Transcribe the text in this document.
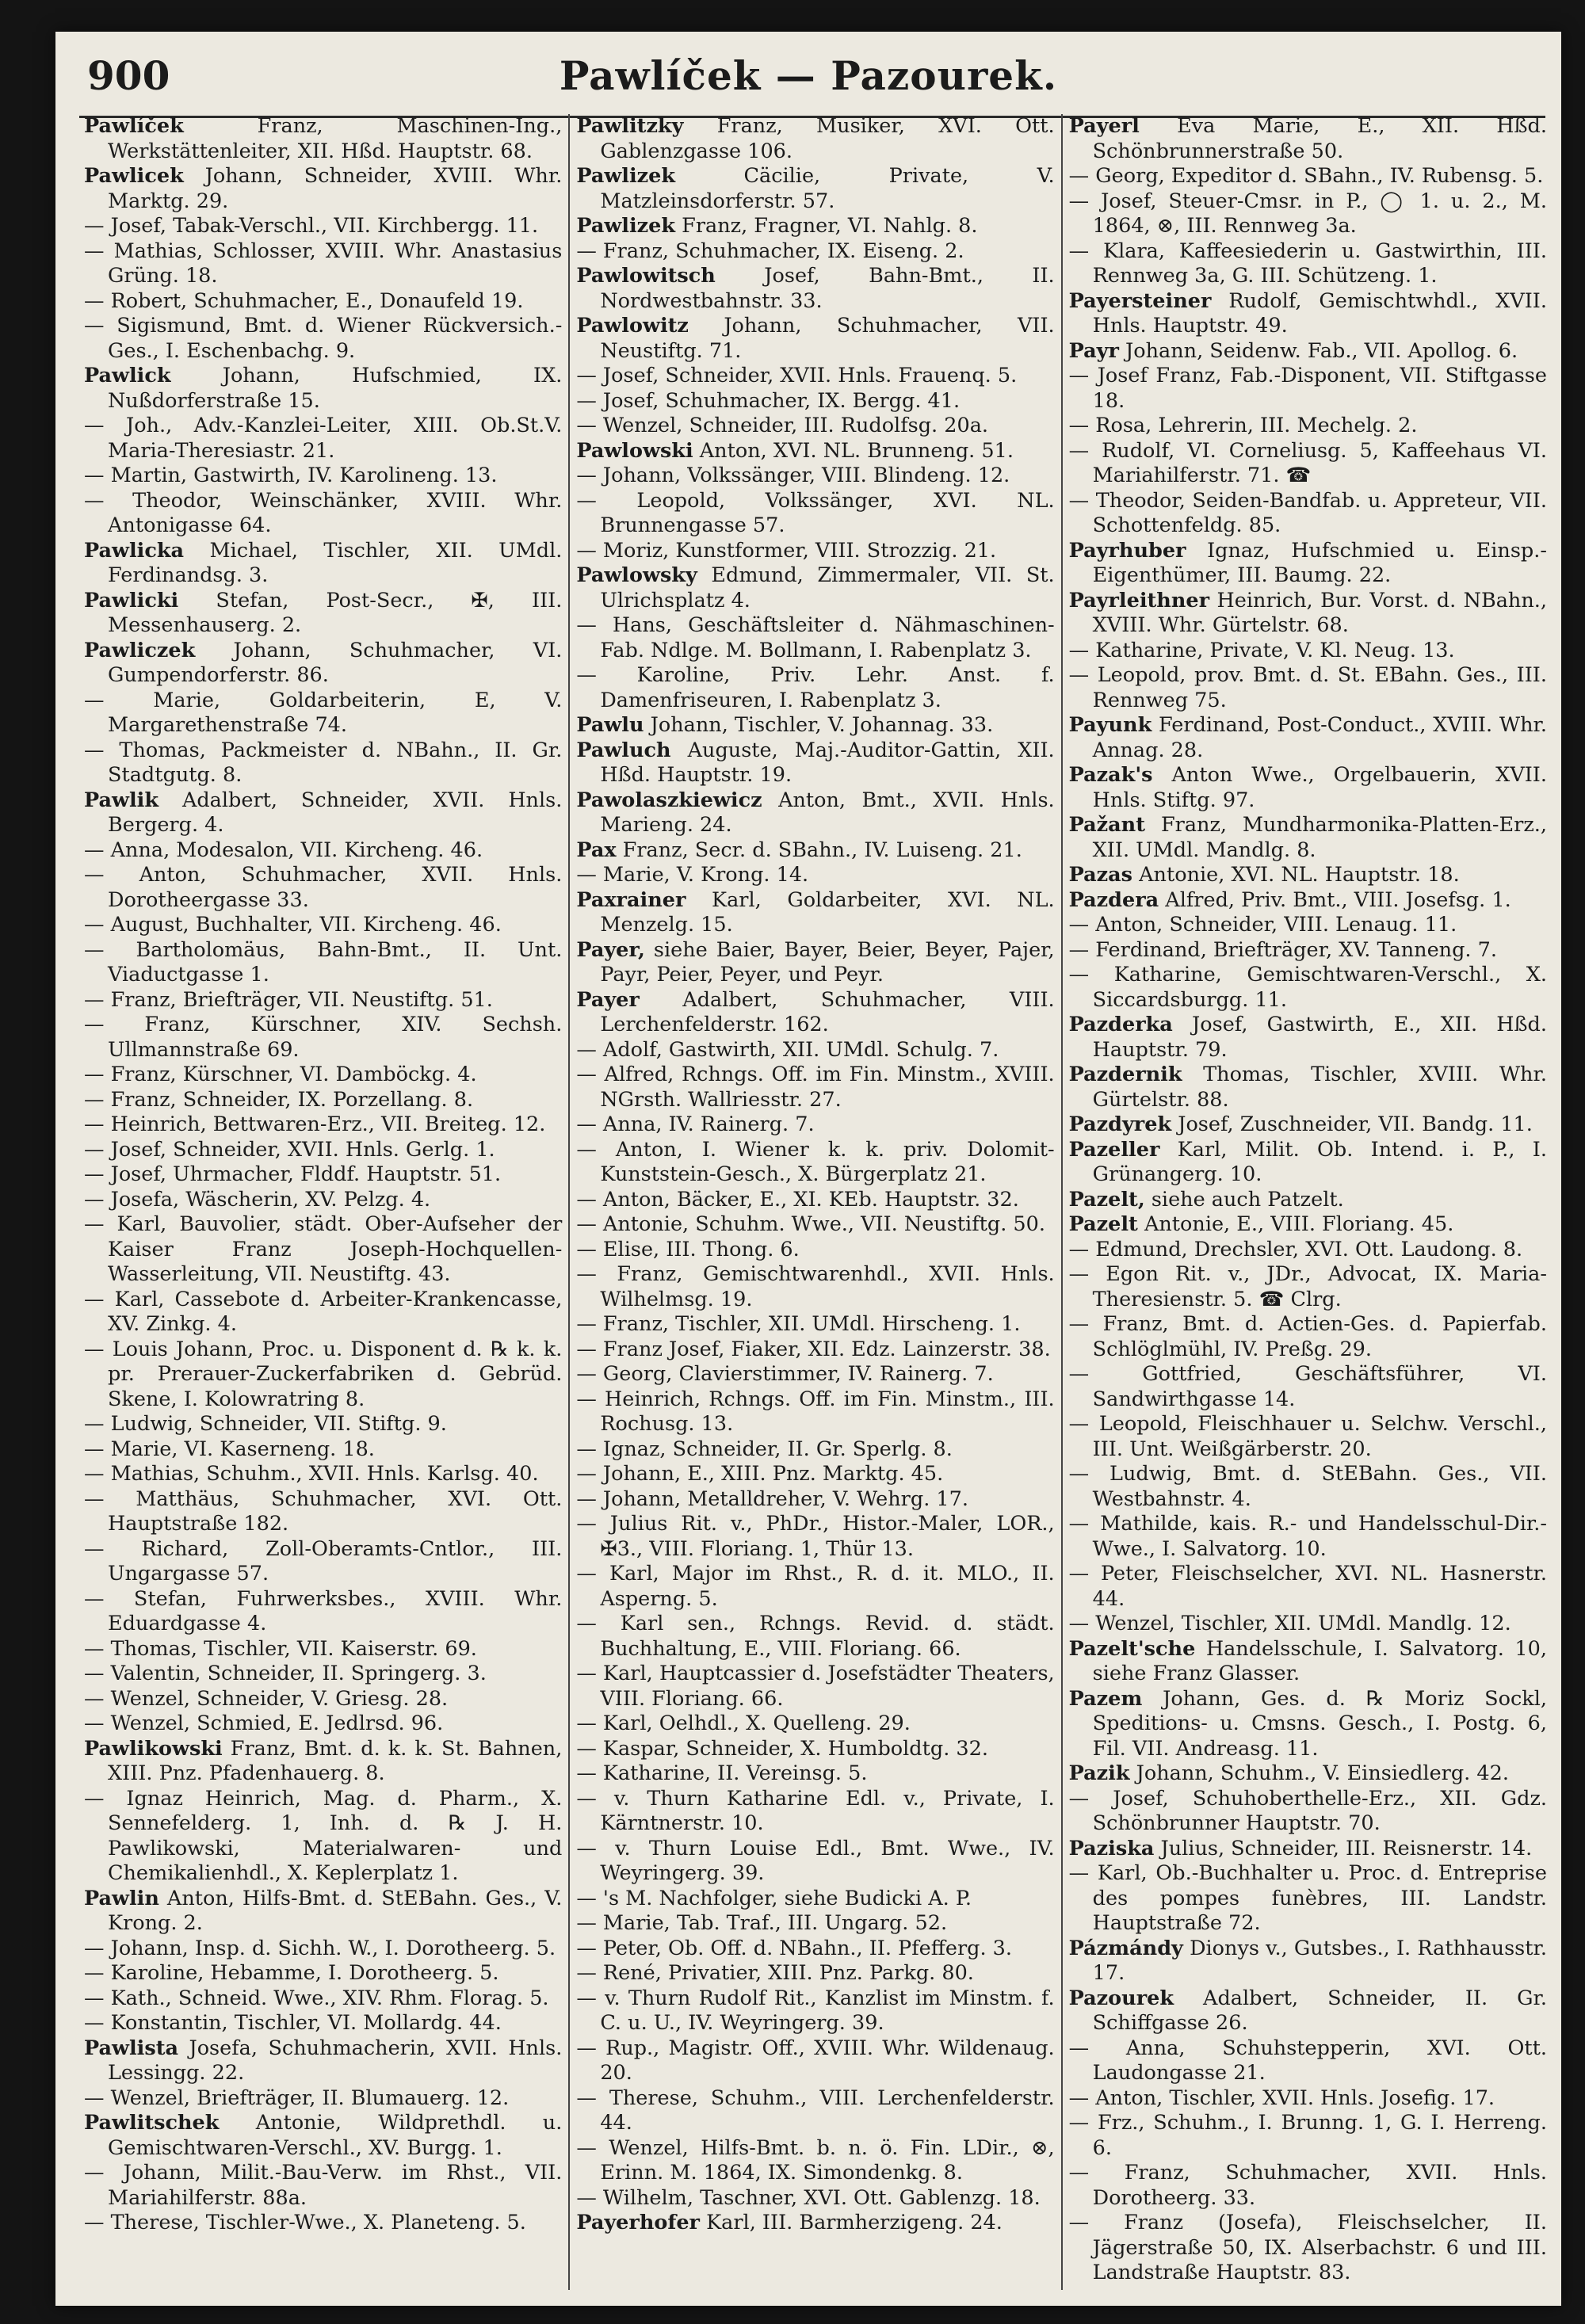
900	Pawlíček — Pazourek.
Pawlíček	Franz, Maschinen-Ing., Werkstättenleiter, XII. Hßd. Hauptstr. 68.
Pawlicek Johann, Schneider, XVIII. Whr. Marktg. 29.
— Josef, Tabak-Verschl., VII. Kirchbergg. 11.
— Mathias, Schlosser, XVIII. Whr. Anastasius Grüng. 18.
— Robert, Schuhmacher, E., Donaufeld 19.
— Sigismund, Bmt. d. Wiener Rückversich.-Ges., I. Eschenbachg. 9.
Pawlick	Johann, Hufschmied, IX. Nußdorferstraße 15.
— Joh., Adv.-Kanzlei-Leiter, XIII. Ob.St.V. Maria-Theresiastr. 21.
— Martin, Gastwirth, IV. Karolineng. 13.
— Theodor, Weinschänker, XVIII. Whr. Antonigasse 64.
Pawlicka Michael, Tischler, XII. UMdl. Ferdinandsg. 3.
Pawlicki Stefan, Post-Secr., ✠, III. Messenhauserg. 2.
Pawliczek Johann, Schuhmacher, VI. Gumpendorferstr. 86.
— Marie, Goldarbeiterin, E, V. Margarethenstraße 74.
— Thomas, Packmeister d. NBahn., II. Gr. Stadtgutg. 8.
Pawlik Adalbert, Schneider, XVII. Hnls. Bergerg. 4.
— Anna, Modesalon, VII. Kircheng. 46.
— Anton, Schuhmacher, XVII. Hnls. Dorotheergasse 33.
— August, Buchhalter, VII. Kircheng. 46.
— Bartholomäus, Bahn-Bmt., II. Unt. Viaductgasse 1.
— Franz, Briefträger, VII. Neustiftg. 51.
— Franz, Kürschner, XIV. Sechsh. Ullmannstraße 69.
— Franz, Kürschner, VI. Damböckg. 4.
— Franz, Schneider, IX. Porzellang. 8.
— Heinrich, Bettwaren-Erz., VII. Breiteg. 12.
— Josef, Schneider, XVII. Hnls. Gerlg. 1.
— Josef, Uhrmacher, Flddf. Hauptstr. 51.
— Josefa, Wäscherin, XV. Pelzg. 4.
— Karl, Bauvolier, städt. Ober-Aufseher der Kaiser Franz Joseph-Hochquellen-Wasserleitung, VII. Neustiftg. 43.
— Karl, Cassebote d. Arbeiter-Krankencasse, XV. Zinkg. 4.
— Louis Johann, Proc. u. Disponent d. ℞ k. k. pr. Prerauer-Zuckerfabriken d. Gebrüd. Skene, I. Kolowratring 8.
— Ludwig, Schneider, VII. Stiftg. 9.
— Marie, VI. Kaserneng. 18.
— Mathias, Schuhm., XVII. Hnls. Karlsg. 40.
— Matthäus, Schuhmacher, XVI. Ott. Hauptstraße 182.
— Richard, Zoll-Oberamts-Cntlor., III. Ungargasse 57.
— Stefan, Fuhrwerksbes., XVIII. Whr. Eduardgasse 4.
— Thomas, Tischler, VII. Kaiserstr. 69.
— Valentin, Schneider, II. Springerg. 3.
— Wenzel, Schneider, V. Griesg. 28.
— Wenzel, Schmied, E. Jedlrsd. 96.
Pawlikowski Franz, Bmt. d. k. k. St. Bahnen, XIII. Pnz. Pfadenhauerg. 8.
— Ignaz Heinrich, Mag. d. Pharm., X. Sennefelderg. 1, Inh. d. ℞ J. H. Pawlikowski, Materialwaren- und Chemikalienhdl., X. Keplerplatz 1.
Pawlin Anton, Hilfs-Bmt. d. StEBahn. Ges., V. Krong. 2.
— Johann, Insp. d. Sichh. W., I. Dorotheerg. 5.
— Karoline, Hebamme, I. Dorotheerg. 5.
— Kath., Schneid. Wwe., XIV. Rhm. Florag. 5.
— Konstantin, Tischler, VI. Mollardg. 44.
Pawlista Josefa, Schuhmacherin, XVII. Hnls. Lessingg. 22.
— Wenzel, Briefträger, II. Blumauerg. 12.
Pawlitschek Antonie, Wildprethdl. u. Gemischtwaren-Verschl., XV. Burgg. 1.
— Johann, Milit.-Bau-Verw. im Rhst., VII. Mariahilferstr. 88a.
— Therese, Tischler-Wwe., X. Planeteng. 5.
Pawlitzky Franz, Musiker, XVI. Ott. Gablenzgasse 106.
Pawlizek	Cäcilie, Private, V. Matzleinsdorferstr. 57.
Pawlizek Franz, Fragner, VI. Nahlg. 8.
— Franz, Schuhmacher, IX. Eiseng. 2.
Pawlowitsch Josef, Bahn-Bmt., II. Nordwestbahnstr. 33.
Pawlowitz Johann, Schuhmacher, VII. Neustiftg. 71.
— Josef, Schneider, XVII. Hnls. Frauenq. 5.
— Josef, Schuhmacher, IX. Bergg. 41.
— Wenzel, Schneider, III. Rudolfsg. 20a.
Pawlowski Anton, XVI. NL. Brunneng. 51.
— Johann, Volkssänger, VIII. Blindeng. 12.
— Leopold, Volkssänger, XVI. NL. Brunnengasse 57.
— Moriz, Kunstformer, VIII. Strozzig. 21.
Pawlowsky Edmund, Zimmermaler, VII. St. Ulrichsplatz 4.
— Hans, Geschäftsleiter d. Nähmaschinen-Fab. Ndlge. M. Bollmann, I. Rabenplatz 3.
— Karoline, Priv. Lehr. Anst. f. Damenfriseuren, I. Rabenplatz 3.
Pawlu Johann, Tischler, V. Johannag. 33.
Pawluch Auguste, Maj.-Auditor-Gattin, XII. Hßd. Hauptstr. 19.
Pawolaszkiewicz Anton, Bmt., XVII. Hnls. Marieng. 24.
Pax Franz, Secr. d. SBahn., IV. Luiseng. 21.
— Marie, V. Krong. 14.
Paxrainer Karl, Goldarbeiter, XVI. NL. Menzelg. 15.
Payer, siehe Baier, Bayer, Beier, Beyer, Pajer, Payr, Peier, Peyer, und Peyr.
Payer Adalbert, Schuhmacher, VIII. Lerchenfelderstr. 162.
— Adolf, Gastwirth, XII. UMdl. Schulg. 7.
— Alfred, Rchngs. Off. im Fin. Minstm., XVIII. NGrsth. Wallriesstr. 27.
— Anna, IV. Rainerg. 7.
— Anton, I. Wiener k. k. priv. Dolomit-Kunststein-Gesch., X. Bürgerplatz 21.
— Anton, Bäcker, E., XI. KEb. Hauptstr. 32.
— Antonie, Schuhm. Wwe., VII. Neustiftg. 50.
— Elise, III. Thong. 6.
— Franz, Gemischtwarenhdl., XVII. Hnls. Wilhelmsg. 19.
— Franz, Tischler, XII. UMdl. Hirscheng. 1.
— Franz Josef, Fiaker, XII. Edz. Lainzerstr. 38.
— Georg, Clavierstimmer, IV. Rainerg. 7.
— Heinrich, Rchngs. Off. im Fin. Minstm., III. Rochusg. 13.
— Ignaz, Schneider, II. Gr. Sperlg. 8.
— Johann, E., XIII. Pnz. Marktg. 45.
— Johann, Metalldreher, V. Wehrg. 17.
— Julius Rit. v., PhDr., Histor.-Maler, LOR., ✠3., VIII. Floriang. 1, Thür 13.
— Karl, Major im Rhst., R. d. it. MLO., II. Asperng. 5.
— Karl sen., Rchngs. Revid. d. städt. Buchhaltung, E., VIII. Floriang. 66.
— Karl, Hauptcassier d. Josefstädter Theaters, VIII. Floriang. 66.
— Karl, Oelhdl., X. Quelleng. 29.
— Kaspar, Schneider, X. Humboldtg. 32.
— Katharine, II. Vereinsg. 5.
— v. Thurn Katharine Edl. v., Private, I. Kärntnerstr. 10.
— v. Thurn Louise Edl., Bmt. Wwe., IV. Weyringerg. 39.
— 's M. Nachfolger, siehe Budicki A. P.
— Marie, Tab. Traf., III. Ungarg. 52.
— Peter, Ob. Off. d. NBahn., II. Pfefferg. 3.
— René, Privatier, XIII. Pnz. Parkg. 80.
— v. Thurn Rudolf Rit., Kanzlist im Minstm. f. C. u. U., IV. Weyringerg. 39.
— Rup., Magistr. Off., XVIII. Whr. Wildenaug. 20.
— Therese, Schuhm., VIII. Lerchenfelderstr. 44.
— Wenzel, Hilfs-Bmt. b. n. ö. Fin. LDir., ⊗, Erinn. M. 1864, IX. Simondenkg. 8.
— Wilhelm, Taschner, XVI. Ott. Gablenzg. 18.
Payerhofer Karl, III. Barmherzigeng. 24.
Payerl Eva Marie, E., XII. Hßd. Schönbrunnerstraße 50.
— Georg, Expeditor d. SBahn., IV. Rubensg. 5.
— Josef, Steuer-Cmsr. in P., ◯ 1. u. 2., M. 1864, ⊗, III. Rennweg 3a.
— Klara, Kaffeesiederin u. Gastwirthin, III. Rennweg 3a, G. III. Schützeng. 1.
Payersteiner Rudolf, Gemischtwhdl., XVII. Hnls. Hauptstr. 49.
Payr Johann, Seidenw. Fab., VII. Apollog. 6.
— Josef Franz, Fab.-Disponent, VII. Stiftgasse 18.
— Rosa, Lehrerin, III. Mechelg. 2.
— Rudolf, VI. Corneliusg. 5, Kaffeehaus VI. Mariahilferstr. 71. ☎
— Theodor, Seiden-Bandfab. u. Appreteur, VII. Schottenfeldg. 85.
Payrhuber Ignaz, Hufschmied u. Einsp.-Eigenthümer, III. Baumg. 22.
Payrleithner Heinrich, Bur. Vorst. d. NBahn., XVIII. Whr. Gürtelstr. 68.
— Katharine, Private, V. Kl. Neug. 13.
— Leopold, prov. Bmt. d. St. EBahn. Ges., III. Rennweg 75.
Payunk Ferdinand, Post-Conduct., XVIII. Whr. Annag. 28.
Pazak's Anton Wwe., Orgelbauerin, XVII. Hnls. Stiftg. 97.
Pažant Franz, Mundharmonika-Platten-Erz., XII. UMdl. Mandlg. 8.
Pazas Antonie, XVI. NL. Hauptstr. 18.
Pazdera Alfred, Priv. Bmt., VIII. Josefsg. 1.
— Anton, Schneider, VIII. Lenaug. 11.
— Ferdinand, Briefträger, XV. Tanneng. 7.
— Katharine, Gemischtwaren-Verschl., X. Siccardsburgg. 11.
Pazderka Josef, Gastwirth, E., XII. Hßd. Hauptstr. 79.
Pazdernik Thomas, Tischler, XVIII. Whr. Gürtelstr. 88.
Pazdyrek Josef, Zuschneider, VII. Bandg. 11.
Pazeller Karl, Milit. Ob. Intend. i. P., I. Grünangerg. 10.
Pazelt, siehe auch Patzelt.
Pazelt Antonie, E., VIII. Floriang. 45.
— Edmund, Drechsler, XVI. Ott. Laudong. 8.
— Egon Rit. v., JDr., Advocat, IX. Maria-Theresienstr. 5. ☎ Clrg.
— Franz, Bmt. d. Actien-Ges. d. Papierfab. Schlöglmühl, IV. Preßg. 29.
— Gottfried, Geschäftsführer, VI. Sandwirthgasse 14.
— Leopold, Fleischhauer u. Selchw. Verschl., III. Unt. Weißgärberstr. 20.
— Ludwig, Bmt. d. StEBahn. Ges., VII. Westbahnstr. 4.
— Mathilde, kais. R.- und Handelsschul-Dir.-Wwe., I. Salvatorg. 10.
— Peter, Fleischselcher, XVI. NL. Hasnerstr. 44.
— Wenzel, Tischler, XII. UMdl. Mandlg. 12.
Pazelt'sche Handelsschule, I. Salvatorg. 10, siehe Franz Glasser.
Pazem Johann, Ges. d. ℞ Moriz Sockl, Speditions- u. Cmsns. Gesch., I. Postg. 6, Fil. VII. Andreasg. 11.
Pazik Johann, Schuhm., V. Einsiedlerg. 42.
— Josef, Schuhoberthelle-Erz., XII. Gdz. Schönbrunner Hauptstr. 70.
Paziska Julius, Schneider, III. Reisnerstr. 14.
— Karl, Ob.-Buchhalter u. Proc. d. Entreprise des pompes funèbres, III. Landstr. Hauptstraße 72.
Pázmándy Dionys v., Gutsbes., I. Rathhausstr. 17.
Pazourek Adalbert, Schneider, II. Gr. Schiffgasse 26.
— Anna, Schuhstepperin, XVI. Ott. Laudongasse 21.
— Anton, Tischler, XVII. Hnls. Josefig. 17.
— Frz., Schuhm., I. Brunng. 1, G. I. Herreng. 6.
— Franz, Schuhmacher, XVII. Hnls. Dorotheerg. 33.
— Franz (Josefa), Fleischselcher, II. Jägerstraße 50, IX. Alserbachstr. 6 und III. Landstraße Hauptstr. 83.
